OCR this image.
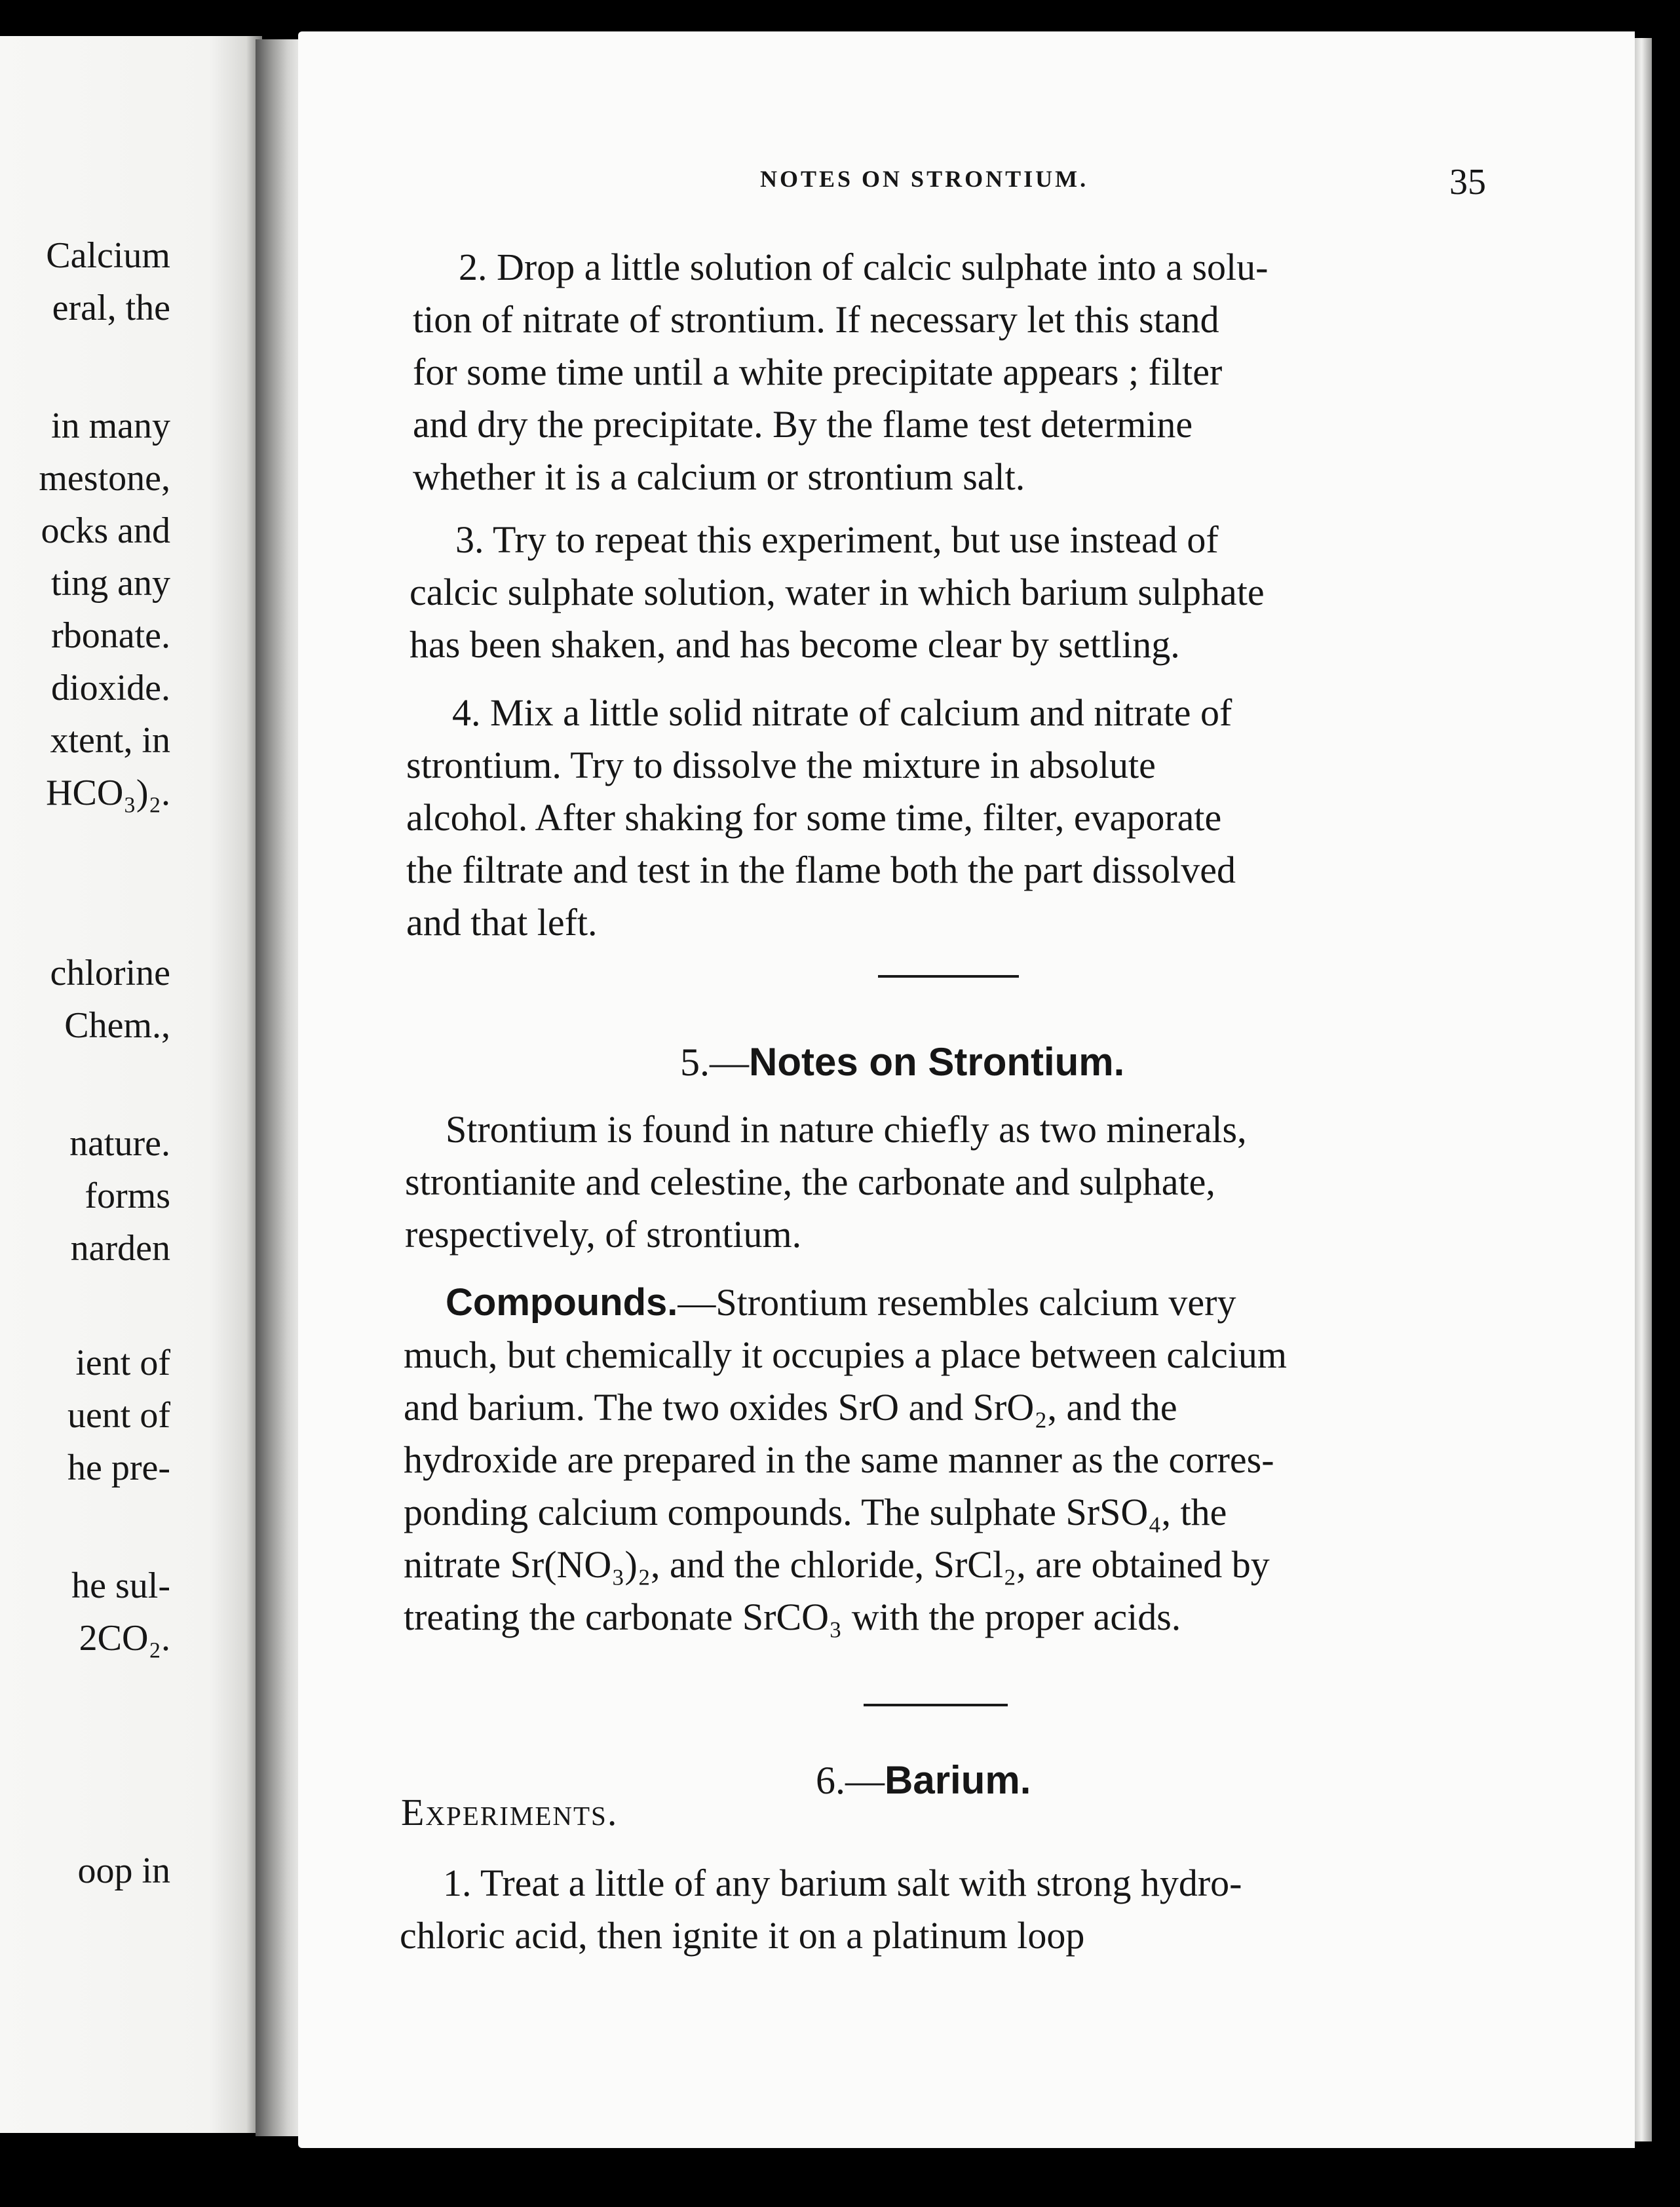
Calcium
eral, the
in many
mestone,
ocks and
ting any
rbonate.
dioxide.
xtent, in
HCO₃)₂.
chlorine
Chem.,
nature.
forms
narden
ient of
uent of
he pre-
he sul-
2CO₂.
oop in
NOTES ON STRONTIUM.	35
2. Drop a little solution of calcic sulphate into a solu-
tion of nitrate of strontium. If necessary let this stand
for some time until a white precipitate appears ; filter
and dry the precipitate. By the flame test determine
whether it is a calcium or strontium salt.
3. Try to repeat this experiment, but use instead of
calcic sulphate solution, water in which barium sulphate
has been shaken, and has become clear by settling.
4. Mix a little solid nitrate of calcium and nitrate of
strontium. Try to dissolve the mixture in absolute
alcohol. After shaking for some time, filter, evaporate
the filtrate and test in the flame both the part dissolved
and that left.
5.—Notes on Strontium.
Strontium is found in nature chiefly as two minerals,
strontianite and celestine, the carbonate and sulphate,
respectively, of strontium.
Compounds.—Strontium resembles calcium very
much, but chemically it occupies a place between calcium
and barium. The two oxides SrO and SrO₂, and the
hydroxide are prepared in the same manner as the corres-
ponding calcium compounds. The sulphate SrSO₄, the
nitrate Sr(NO₃)₂, and the chloride, SrCl₂, are obtained by
treating the carbonate SrCO₃ with the proper acids.
6.—Barium.
Experiments.
1. Treat a little of any barium salt with strong hydro-
chloric acid, then ignite it on a platinum loop
